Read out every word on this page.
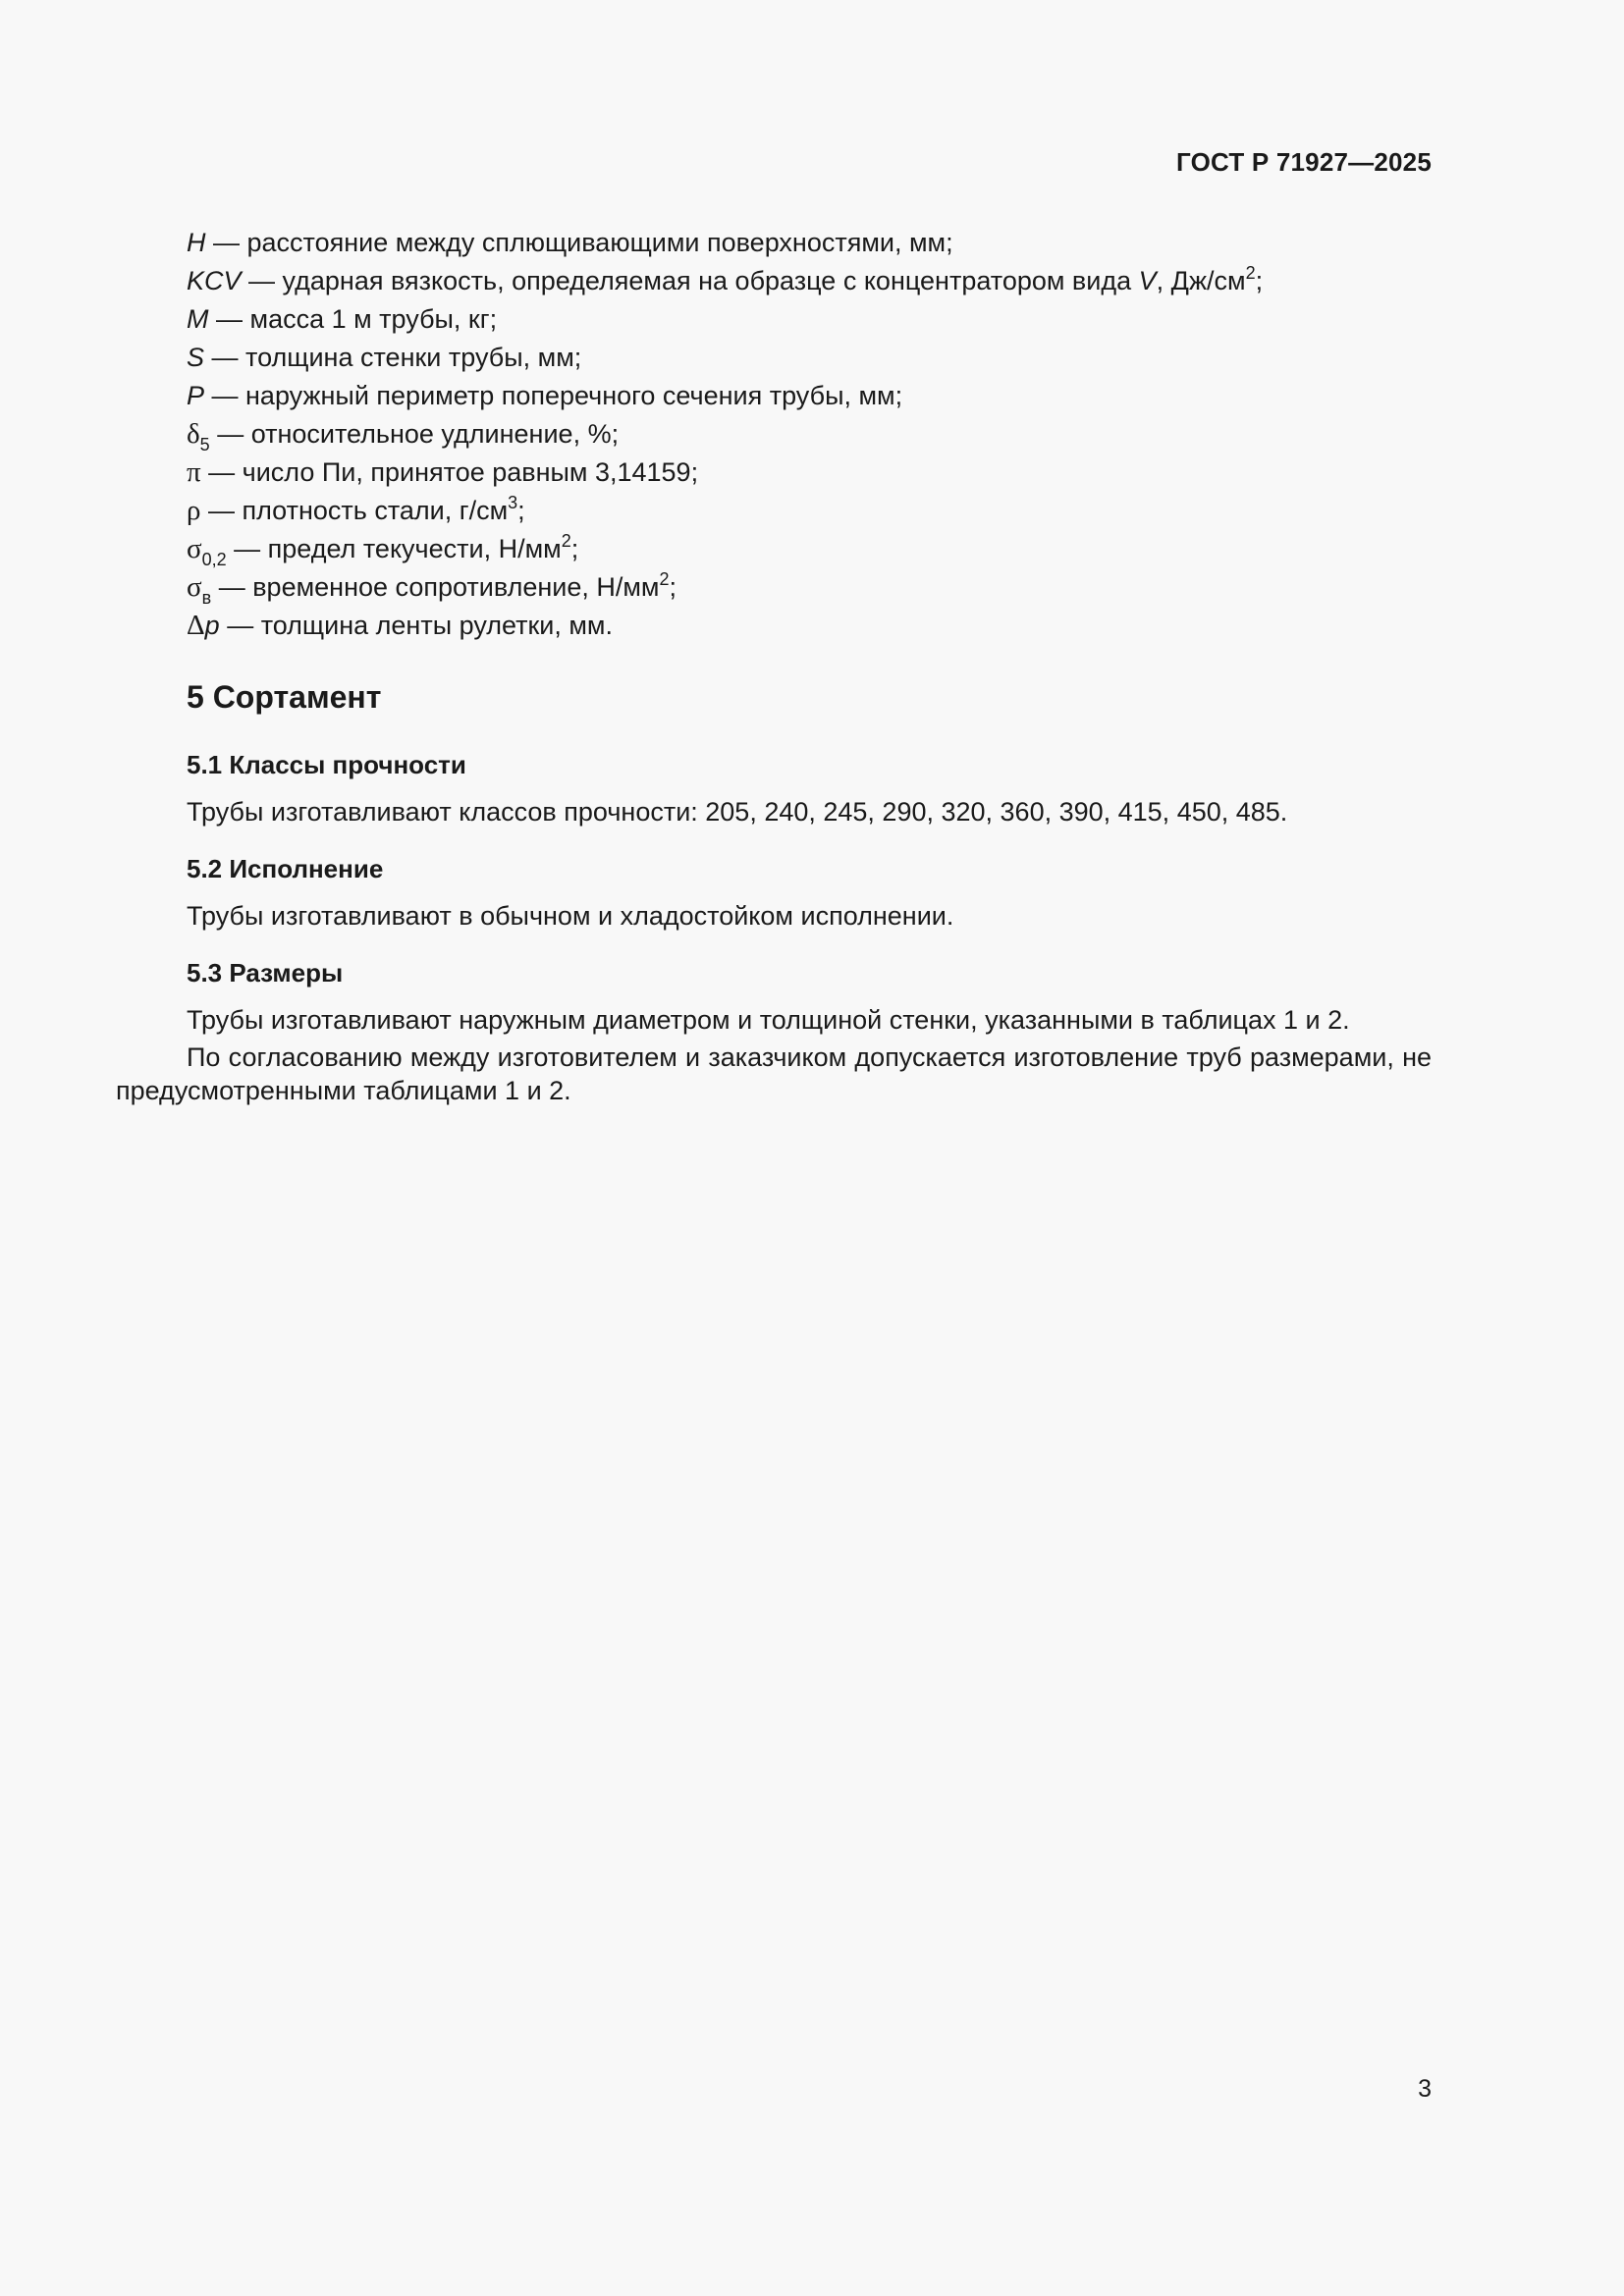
ГОСТ Р 71927—2025
H — расстояние между сплющивающими поверхностями, мм;
KCV — ударная вязкость, определяемая на образце с концентратором вида V, $Дж/см^2$;
M — масса 1 м трубы, кг;
S — толщина стенки трубы, мм;
P — наружный периметр поперечного сечения трубы, мм;
$\delta_5$ — относительное удлинение, %;
π — число Пи, принятое равным 3,14159;
ρ — плотность стали, $г/см^3$;
$\sigma_{0,2}$ — предел текучести, $Н/мм^2$;
$\sigma_в$ — временное сопротивление, $Н/мм^2$;
Δp — толщина ленты рулетки, мм.
5 Сортамент
5.1 Классы прочности

Трубы изготавливают классов прочности: 205, 240, 245, 290, 320, 360, 390, 415, 450, 485.

5.2 Исполнение

Трубы изготавливают в обычном и хладостойком исполнении.

5.3 Размеры

Трубы изготавливают наружным диаметром и толщиной стенки, указанными в таблицах 1 и 2.

По согласованию между изготовителем и заказчиком допускается изготовление труб размерами, не предусмотренными таблицами 1 и 2.

3
